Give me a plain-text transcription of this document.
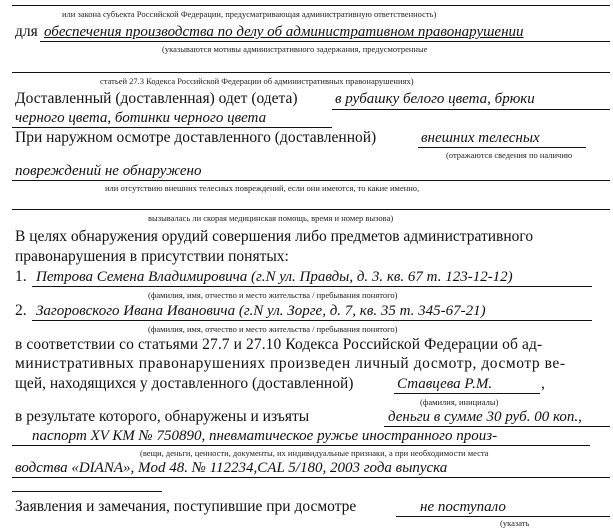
или закона субъекта Российской Федерации, предусматривающая административную ответственность)
для обеспечения производства по делу об административном правонарушении
(указываются мотивы административного задержания, предусмотренные
статьей 27.3 Кодекса Российской Федерации об административных правонарушениях)
Доставленный (доставленная) одет (одета) в рубашку белого цвета, брюки
черного цвета, ботинки черного цвета
При наружном осмотре доставленного (доставленной)	внешних телесных
(отражаются сведения по наличию
повреждений не обнаружено
или отсутствию внешних телесных повреждений, если они имеются, то какие именно,
вызывалась ли скорая медицинская помощь, время и номер вызова)
В целях обнаружения орудий совершения либо предметов административного
правонарушения в присутствии понятых:
1. Петрова Семена Владимировича (г.N ул. Правды, д. 3. кв. 67 т. 123-12-12)
(фамилия, имя, отчество и место жительства / пребывания понятого)
2. Загоровского Ивана Ивановича (г.N ул. Зорге, д. 7, кв. 35 т. 345-67-21)
(фамилия, имя, отчество и место жительства / пребывания понятого)
в соответствии со статьями 27.7 и 27.10 Кодекса Российской Федерации об ад-
министративных правонарушениях произведен личный досмотр, досмотр ве-
щей, находящихся у доставленного (доставленной)	Ставцева Р.М.	,
(фамилия, инициалы)
в результате которого, обнаружены и изъяты	деньги в сумме 30 руб. 00 коп.,
паспорт XV КМ № 750890, пневматическое ружье иностранного произ-
(вещи, деньги, ценности, документы, их индивидуальные признаки, а при необходимости места
водства «DIANA», Mod 48. № 112234,CAL 5/180, 2003 года выпуска
Заявления и замечания, поступившие при досмотре	не поступало
(указать
